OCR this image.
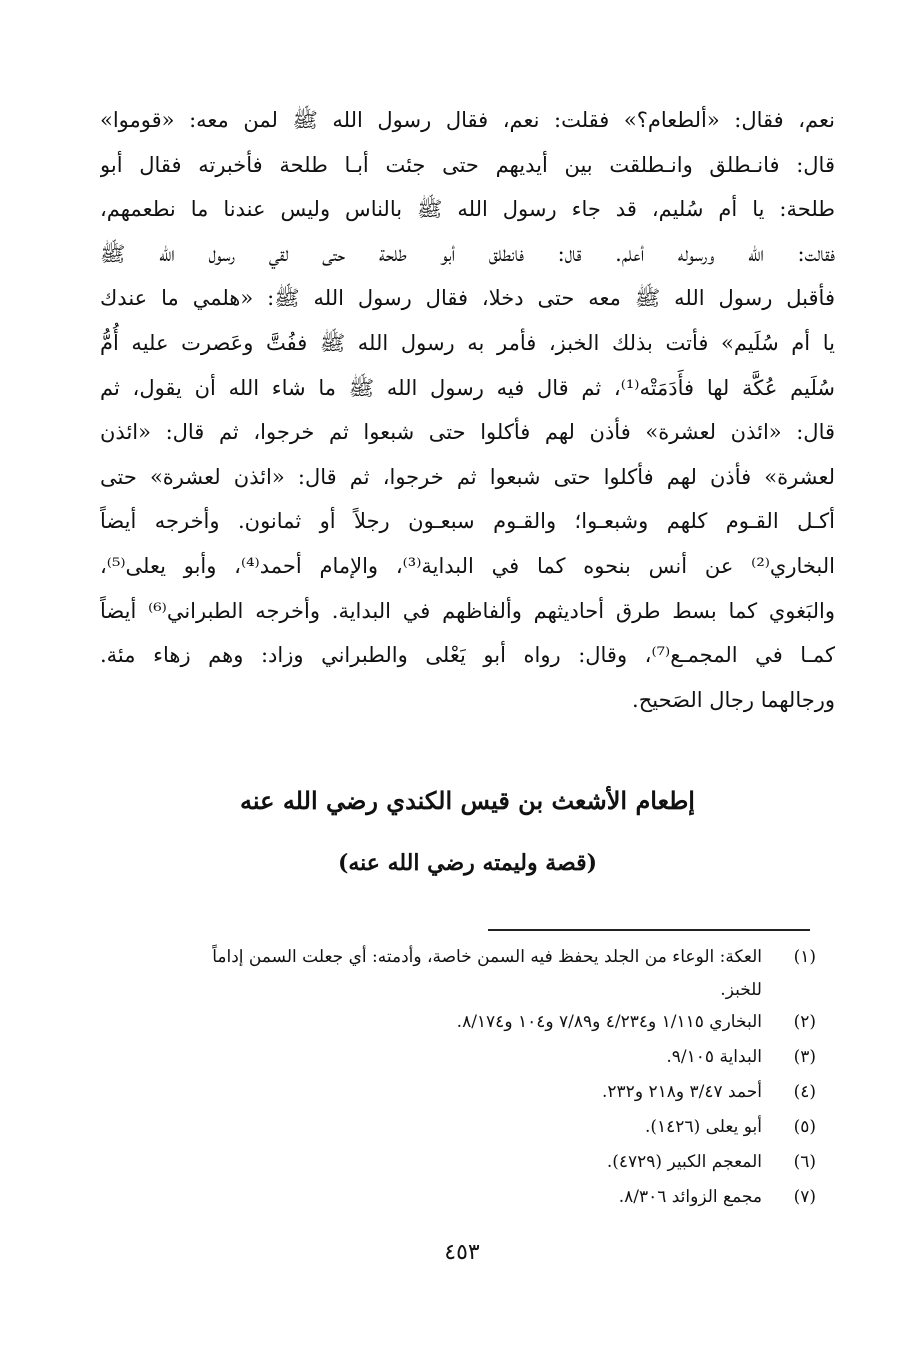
نعم، فقال: «ألطعام؟» فقلت: نعم، فقال رسول الله ﷺ لمن معه: «قوموا»
قال: فانـطلق وانـطلقت بين أيديهم حتى جئت أبـا طلحة فأخبرته فقال أبو
طلحة: يا أم سُليم، قد جاء رسول الله ﷺ بالناس وليس عندنا ما نطعمهم،
فقالت: الله ورسوله أعلم. قال: فانطلق أبو طلحة حتى لقي رسول الله ﷺ
فأقبل رسول الله ﷺ معه حتى دخلا، فقال رسول الله ﷺ: «هلمي ما عندك
يا أم سُلَيم» فأتت بذلك الخبز، فأمر به رسول الله ﷺ ففُتَّ وعَصرت عليه أُمُّ
سُلَيم عُكَّة لها فأَدَمَتْه⁽¹⁾، ثم قال فيه رسول الله ﷺ ما شاء الله أن يقول، ثم
قال: «ائذن لعشرة» فأذن لهم فأكلوا حتى شبعوا ثم خرجوا، ثم قال: «ائذن
لعشرة» فأذن لهم فأكلوا حتى شبعوا ثم خرجوا، ثم قال: «ائذن لعشرة» حتى
أكـل القـوم كلهم وشبعـوا؛ والقـوم سبعـون رجلاً أو ثمانون. وأخرجه أيضاً
البخاري⁽²⁾ عن أنس بنحوه كما في البداية⁽³⁾، والإمام أحمد⁽⁴⁾، وأبو يعلى⁽⁵⁾،
والبَغوي كما بسط طرق أحاديثهم وألفاظهم في البداية. وأخرجه الطبراني⁽⁶⁾ أيضاً
كمـا في المجمـع⁽⁷⁾، وقال: رواه أبو يَعْلى والطبراني وزاد: وهم زهاء مئة.
ورجالهما رجال الصَحيح.
إطعام الأشعث بن قيس الكندي رضي الله عنه
(قصة وليمته رضي الله عنه)
(١)
العكة: الوعاء من الجلد يحفظ فيه السمن خاصة، وأدمته: أي جعلت السمن إداماً
للخبز.
(٢)
البخاري ١/١١٥ و٤/٢٣٤ و٧/٨٩ و١٠٤ و٨/١٧٤.
(٣)
البداية ٩/١٠٥.
(٤)
أحمد ٣/٤٧ و٢١٨ و٢٣٢.
(٥)
أبو يعلى (١٤٢٦).
(٦)
المعجم الكبير (٤٧٢٩).
(٧)
مجمع الزوائد ٨/٣٠٦.
٤٥٣
